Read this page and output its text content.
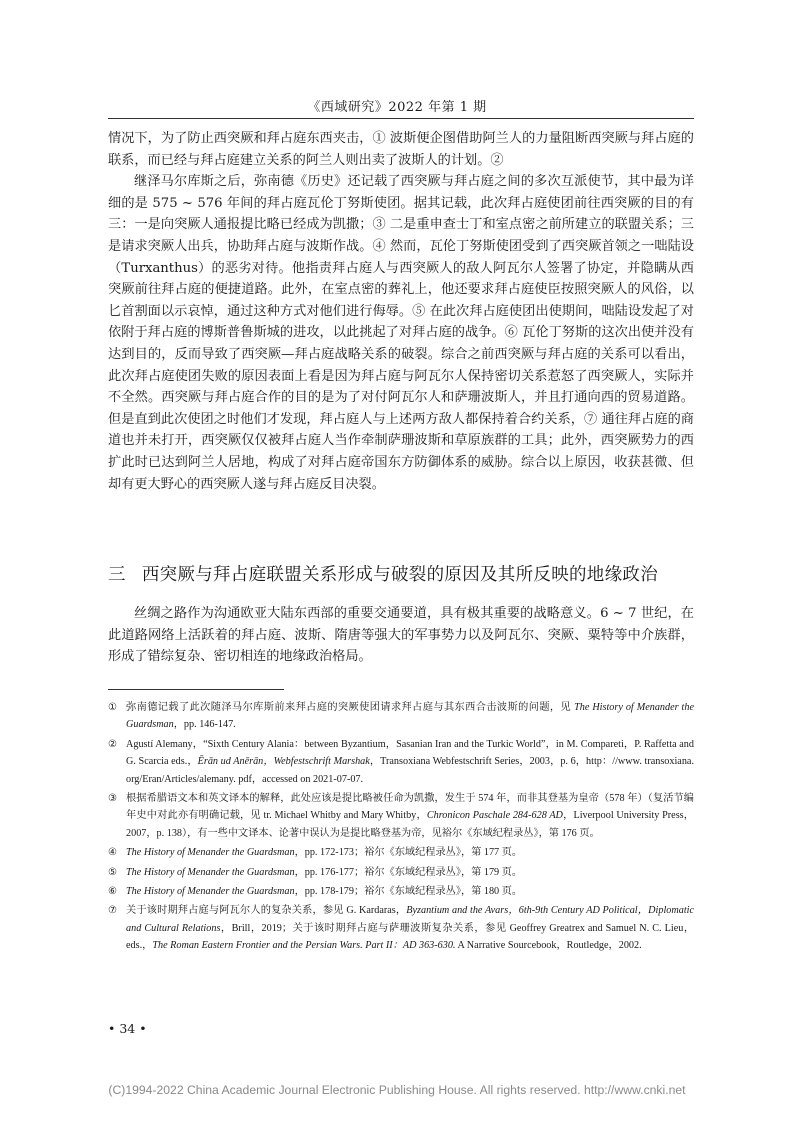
《西域研究》2022 年第 1 期

情况下，为了防止西突厥和拜占庭东西夹击，① 波斯便企图借助阿兰人的力量阻断西突厥与拜占庭的联系，而已经与拜占庭建立关系的阿兰人则出卖了波斯人的计划。②

继泽马尔库斯之后，弥南德《历史》还记载了西突厥与拜占庭之间的多次互派使节，其中最为详细的是 575 ~ 576 年间的拜占庭瓦伦丁努斯使团。据其记载，此次拜占庭使团前往西突厥的目的有三：一是向突厥人通报提比略已经成为凯撒；③ 二是重申查士丁和室点密之前所建立的联盟关系；三是请求突厥人出兵，协助拜占庭与波斯作战。④ 然而，瓦伦丁努斯使团受到了西突厥首领之一咄陆设（Turxanthus）的恶劣对待。他指责拜占庭人与西突厥人的敌人阿瓦尔人签署了协定，并隐瞒从西突厥前往拜占庭的便捷道路。此外，在室点密的葬礼上，他还要求拜占庭使臣按照突厥人的风俗，以匕首割面以示哀悼，通过这种方式对他们进行侮辱。⑤ 在此次拜占庭使团出使期间，咄陆设发起了对依附于拜占庭的博斯普鲁斯城的进攻，以此挑起了对拜占庭的战争。⑥ 瓦伦丁努斯的这次出使并没有达到目的，反而导致了西突厥—拜占庭战略关系的破裂。综合之前西突厥与拜占庭的关系可以看出，此次拜占庭使团失败的原因表面上看是因为拜占庭与阿瓦尔人保持密切关系惹怒了西突厥人，实际并不全然。西突厥与拜占庭合作的目的是为了对付阿瓦尔人和萨珊波斯人，并且打通向西的贸易道路。但是直到此次使团之时他们才发现，拜占庭人与上述两方敌人都保持着合约关系，⑦ 通往拜占庭的商道也并未打开，西突厥仅仅被拜占庭人当作牵制萨珊波斯和草原族群的工具；此外，西突厥势力的西扩此时已达到阿兰人居地，构成了对拜占庭帝国东方防御体系的威胁。综合以上原因，收获甚微、但却有更大野心的西突厥人遂与拜占庭反目决裂。

三 西突厥与拜占庭联盟关系形成与破裂的原因及其所反映的地缘政治

丝绸之路作为沟通欧亚大陆东西部的重要交通要道，具有极其重要的战略意义。6 ~ 7 世纪，在此道路网络上活跃着的拜占庭、波斯、隋唐等强大的军事势力以及阿瓦尔、突厥、粟特等中介族群，形成了错综复杂、密切相连的地缘政治格局。

① 弥南德记载了此次随泽马尔库斯前来拜占庭的突厥使团请求拜占庭与其东西合击波斯的问题，见 The History of Menander the Guardsman，pp. 146-147.
② Agustí Alemany，“Sixth Century Alania：between Byzantium，Sasanian Iran and the Turkic World”，in M. Compareti，P. Raffetta and G. Scarcia eds.，Ērān ud Anērān，Webfestschrift Marshak，Transoxiana Webfestschrift Series，2003，p. 6，http：//www. transoxiana. org/Eran/Articles/alemany. pdf，accessed on 2021-07-07.
③ 根据希腊语文本和英文译本的解释，此处应该是提比略被任命为凯撒，发生于 574 年，而非其登基为皇帝（578 年）（复活节编年史中对此亦有明确记载，见 tr. Michael Whitby and Mary Whitby，Chronicon Paschale 284-628 AD，Liverpool University Press，2007，p. 138），有一些中文译本、论著中误认为是提比略登基为帝，见裕尔《东域纪程录丛》，第 176 页。
④ The History of Menander the Guardsman，pp. 172-173；裕尔《东域纪程录丛》，第 177 页。
⑤ The History of Menander the Guardsman，pp. 176-177；裕尔《东域纪程录丛》，第 179 页。
⑥ The History of Menander the Guardsman，pp. 178-179；裕尔《东域纪程录丛》，第 180 页。
⑦ 关于该时期拜占庭与阿瓦尔人的复杂关系，参见 G. Kardaras，Byzantium and the Avars，6th-9th Century AD Political，Diplomatic and Cultural Relations，Brill，2019；关于该时期拜占庭与萨珊波斯复杂关系，参见 Geoffrey Greatrex and Samuel N. C. Lieu，eds.，The Roman Eastern Frontier and the Persian Wars. Part II：AD 363-630. A Narrative Sourcebook，Routledge，2002.
• 34 •
(C)1994-2022 China Academic Journal Electronic Publishing House. All rights reserved. http://www.cnki.net
